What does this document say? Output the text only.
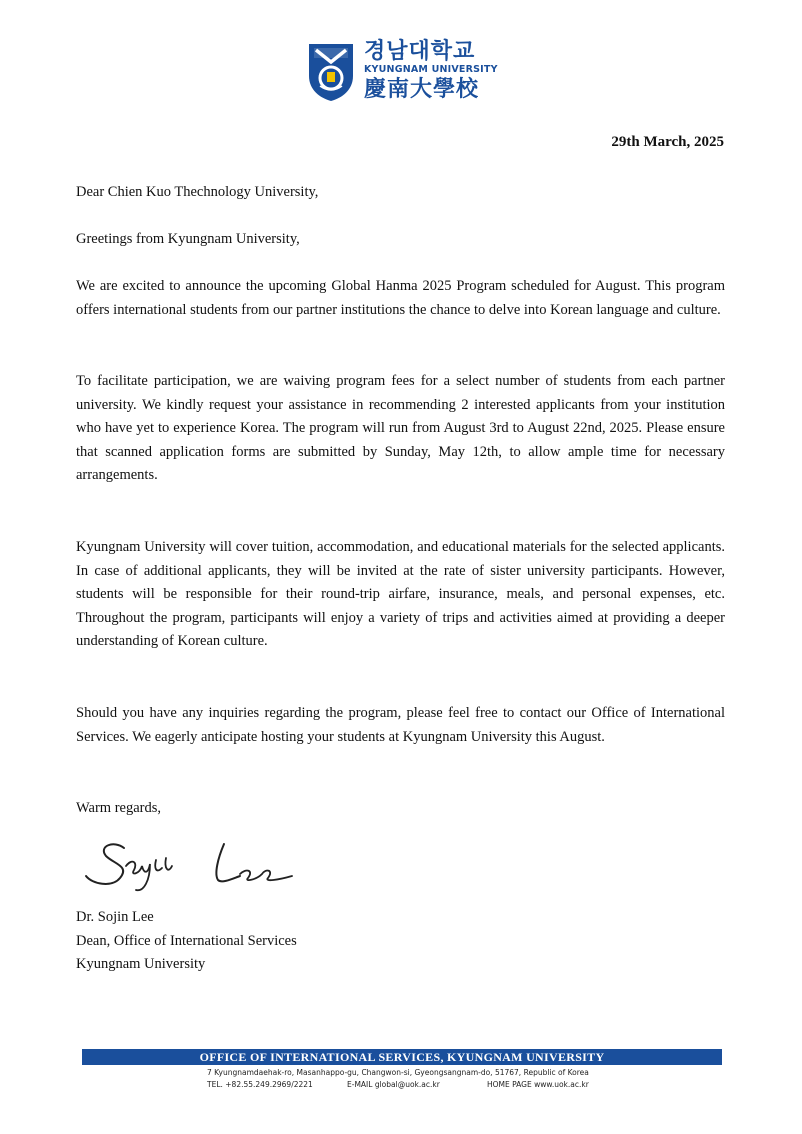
경남대학교
KYUNGNAM UNIVERSITY
慶南大學校
29th March, 2025

Dear Chien Kuo Thechnology University,

Greetings from Kyungnam University,

We are excited to announce the upcoming Global Hanma 2025 Program scheduled for August. This program offers international students from our partner institutions the chance to delve into Korean language and culture.

To facilitate participation, we are waiving program fees for a select number of students from each partner university. We kindly request your assistance in recommending 2 interested applicants from your institution who have yet to experience Korea. The program will run from August 3rd to August 22nd, 2025. Please ensure that scanned application forms are submitted by Sunday, May 12th, to allow ample time for necessary arrangements.

Kyungnam University will cover tuition, accommodation, and educational materials for the selected applicants. In case of additional applicants, they will be invited at the rate of sister university participants. However, students will be responsible for their round-trip airfare, insurance, meals, and personal expenses, etc. Throughout the program, participants will enjoy a variety of trips and activities aimed at providing a deeper understanding of Korean culture.

Should you have any inquiries regarding the program, please feel free to contact our Office of International Services. We eagerly anticipate hosting your students at Kyungnam University this August.

Warm regards,

Dr. Sojin Lee
Dean, Office of International Services
Kyungnam University
OFFICE OF INTERNATIONAL SERVICES, KYUNGNAM UNIVERSITY
7 Kyungnamdaehak-ro, Masanhappo-gu, Changwon-si, Gyeongsangnam-do, 51767, Republic of Korea
TEL. +82.55.249.2969/2221	E-MAIL global@uok.ac.kr	HOME PAGE www.uok.ac.kr
